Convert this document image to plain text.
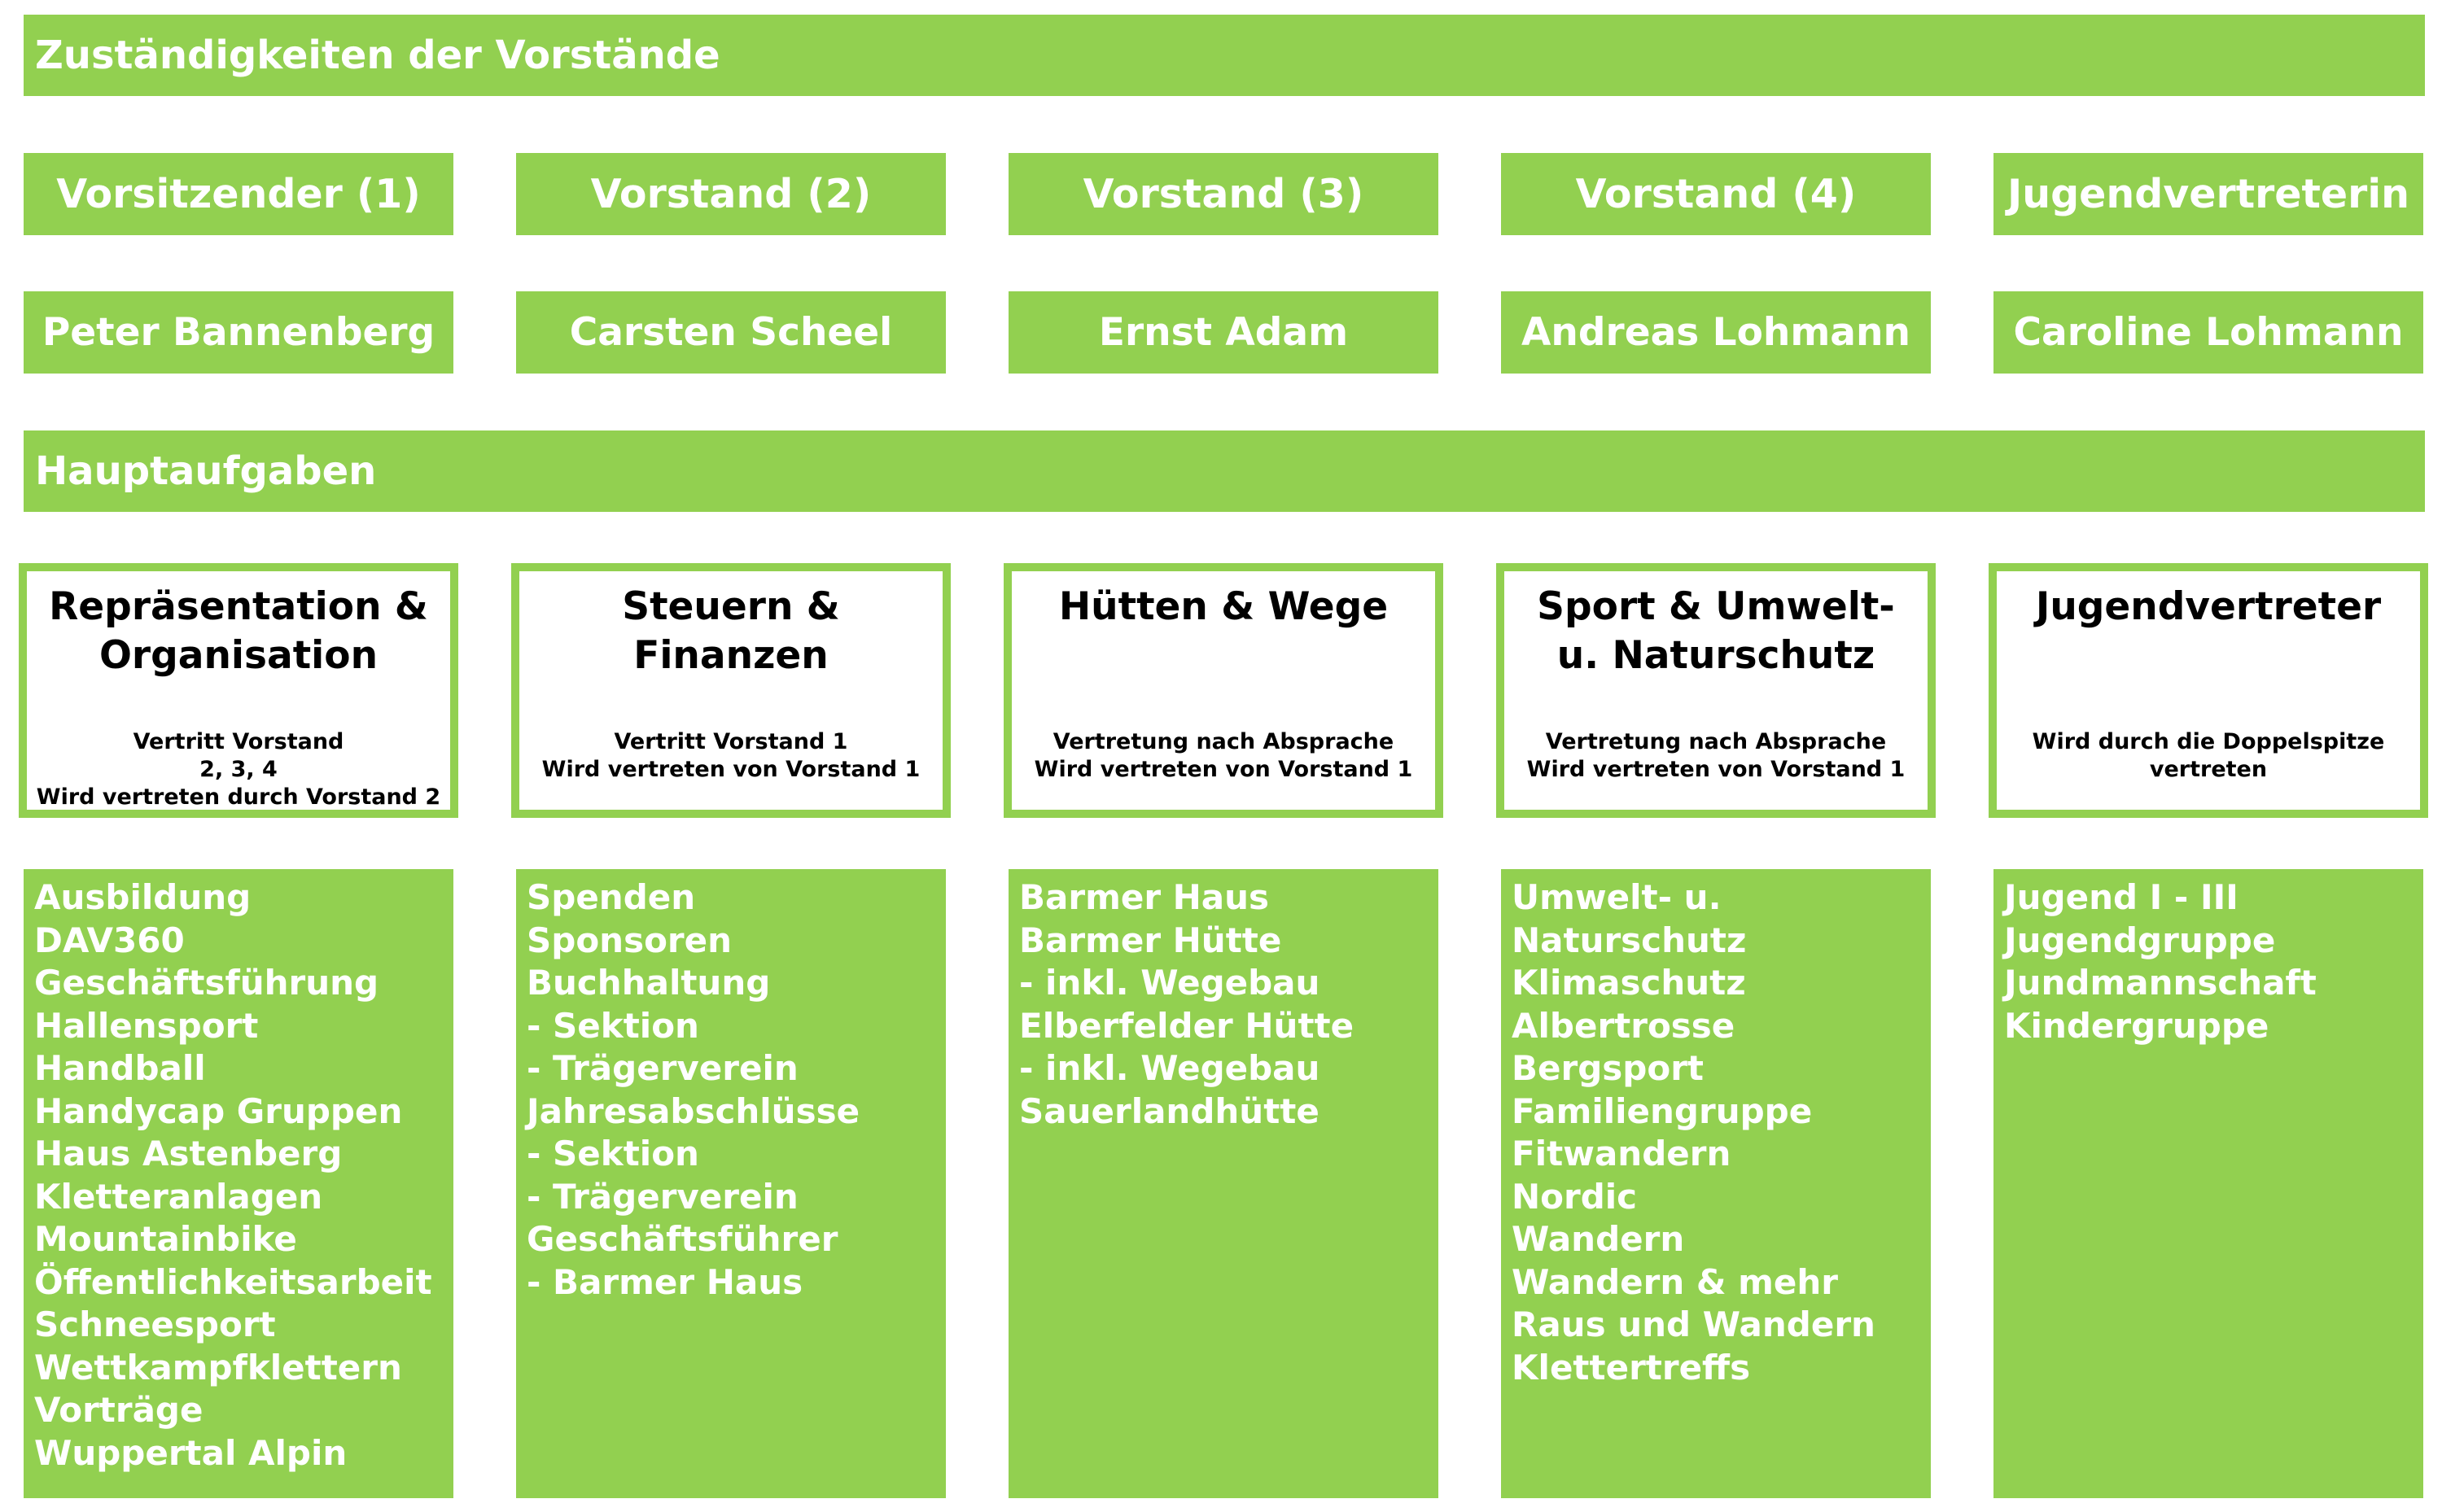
Zuständigkeiten der Vorstände
Hauptaufgaben
Vorsitzender (1)
Peter Bannenberg
Repräsentation &
Organisation
Vertritt Vorstand
2, 3, 4
Wird vertreten durch Vorstand 2
Ausbildung
DAV360
Geschäftsführung
Hallensport
Handball
Handycap Gruppen
Haus Astenberg
Kletteranlagen
Mountainbike
Öffentlichkeitsarbeit
Schneesport
Wettkampfklettern
Vorträge
Wuppertal Alpin
Vorstand (2)
Carsten Scheel
Steuern &
Finanzen
Vertritt Vorstand 1
Wird vertreten von Vorstand 1
Spenden
Sponsoren
Buchhaltung
- Sektion
- Trägerverein
Jahresabschlüsse
- Sektion
- Trägerverein
Geschäftsführer
- Barmer Haus
Vorstand (3)
Ernst Adam
Hütten & Wege
Vertretung nach Absprache
Wird vertreten von Vorstand 1
Barmer Haus
Barmer Hütte
- inkl. Wegebau
Elberfelder Hütte
- inkl. Wegebau
Sauerlandhütte
Vorstand (4)
Andreas Lohmann
Sport & Umwelt-
u. Naturschutz
Vertretung nach Absprache
Wird vertreten von Vorstand 1
Umwelt- u.
Naturschutz
Klimaschutz
Albertrosse
Bergsport
Familiengruppe
Fitwandern
Nordic
Wandern
Wandern & mehr
Raus und Wandern
Klettertreffs
Jugendvertreterin
Caroline Lohmann
Jugendvertreter
Wird durch die Doppelspitze
vertreten
Jugend I - III
Jugendgruppe
Jundmannschaft
Kindergruppe
